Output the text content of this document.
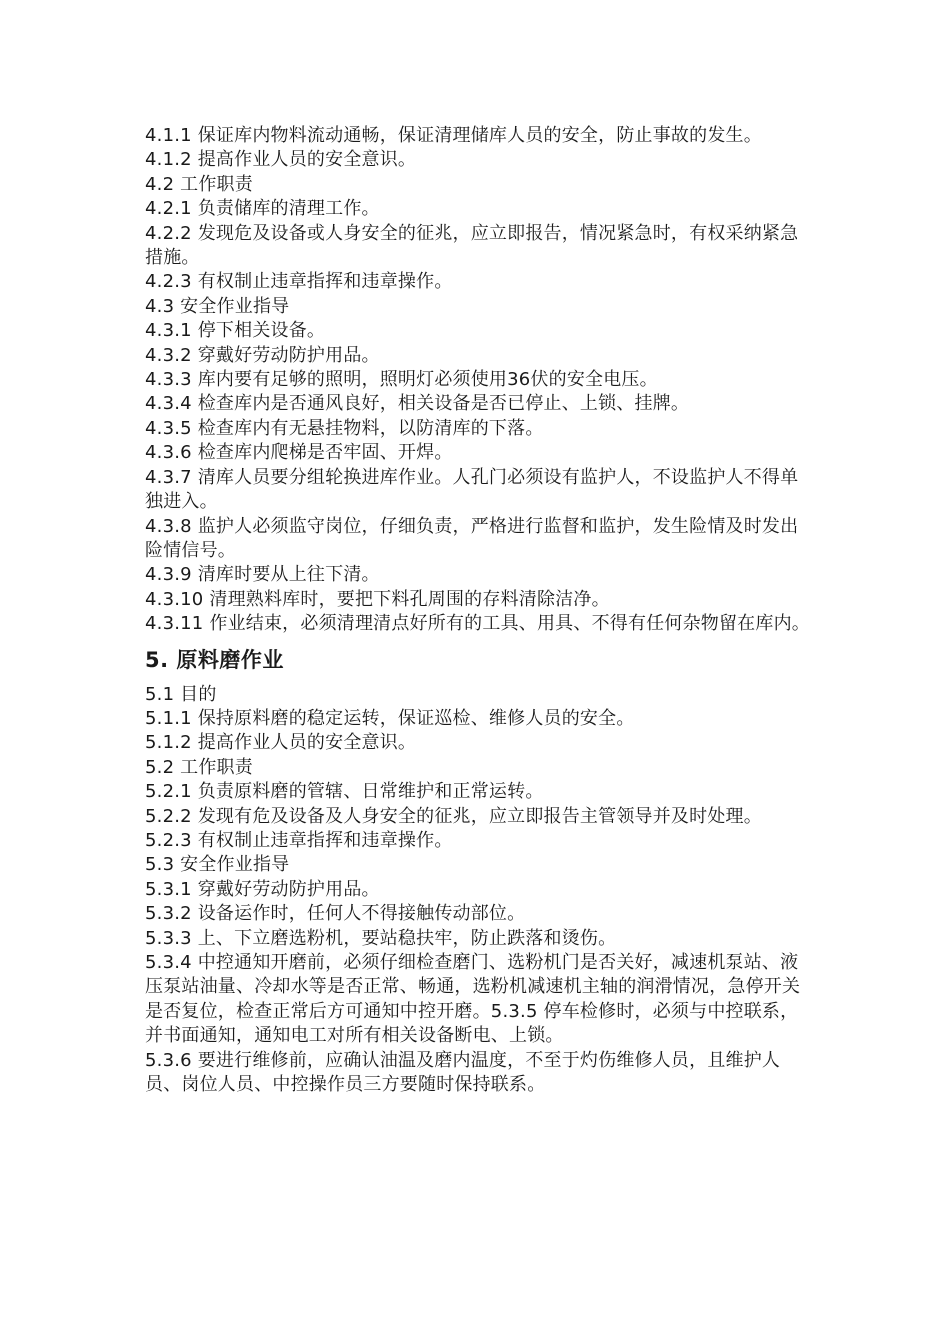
4.1.1 保证库内物料流动通畅，保证清理储库人员的安全，防止事故的发生。

4.1.2 提高作业人员的安全意识。

4.2 工作职责

4.2.1 负责储库的清理工作。

4.2.2 发现危及设备或人身安全的征兆，应立即报告，情况紧急时，有权采纳紧急措施。

4.2.3 有权制止违章指挥和违章操作。

4.3 安全作业指导

4.3.1 停下相关设备。

4.3.2 穿戴好劳动防护用品。

4.3.3 库内要有足够的照明，照明灯必须使用36伏的安全电压。

4.3.4 检查库内是否通风良好，相关设备是否已停止、上锁、挂牌。

4.3.5 检查库内有无悬挂物料，以防清库的下落。

4.3.6 检查库内爬梯是否牢固、开焊。

4.3.7 清库人员要分组轮换进库作业。人孔门必须设有监护人，不设监护人不得单独进入。

4.3.8 监护人必须监守岗位，仔细负责，严格进行监督和监护，发生险情及时发出险情信号。

4.3.9 清库时要从上往下清。

4.3.10 清理熟料库时，要把下料孔周围的存料清除洁净。

4.3.11 作业结束，必须清理清点好所有的工具、用具、不得有任何杂物留在库内。

5. 原料磨作业

5.1 目的

5.1.1 保持原料磨的稳定运转，保证巡检、维修人员的安全。

5.1.2 提高作业人员的安全意识。

5.2 工作职责

5.2.1 负责原料磨的管辖、日常维护和正常运转。

5.2.2 发现有危及设备及人身安全的征兆，应立即报告主管领导并及时处理。

5.2.3 有权制止违章指挥和违章操作。

5.3 安全作业指导

5.3.1 穿戴好劳动防护用品。

5.3.2 设备运作时，任何人不得接触传动部位。

5.3.3 上、下立磨选粉机，要站稳扶牢，防止跌落和烫伤。

5.3.4 中控通知开磨前，必须仔细检查磨门、选粉机门是否关好，减速机泵站、液压泵站油量、冷却水等是否正常、畅通，选粉机减速机主轴的润滑情况，急停开关是否复位，检查正常后方可通知中控开磨。5.3.5 停车检修时，必须与中控联系，并书面通知，通知电工对所有相关设备断电、上锁。

5.3.6 要进行维修前，应确认油温及磨内温度，不至于灼伤维修人员，且维护人员、岗位人员、中控操作员三方要随时保持联系。
